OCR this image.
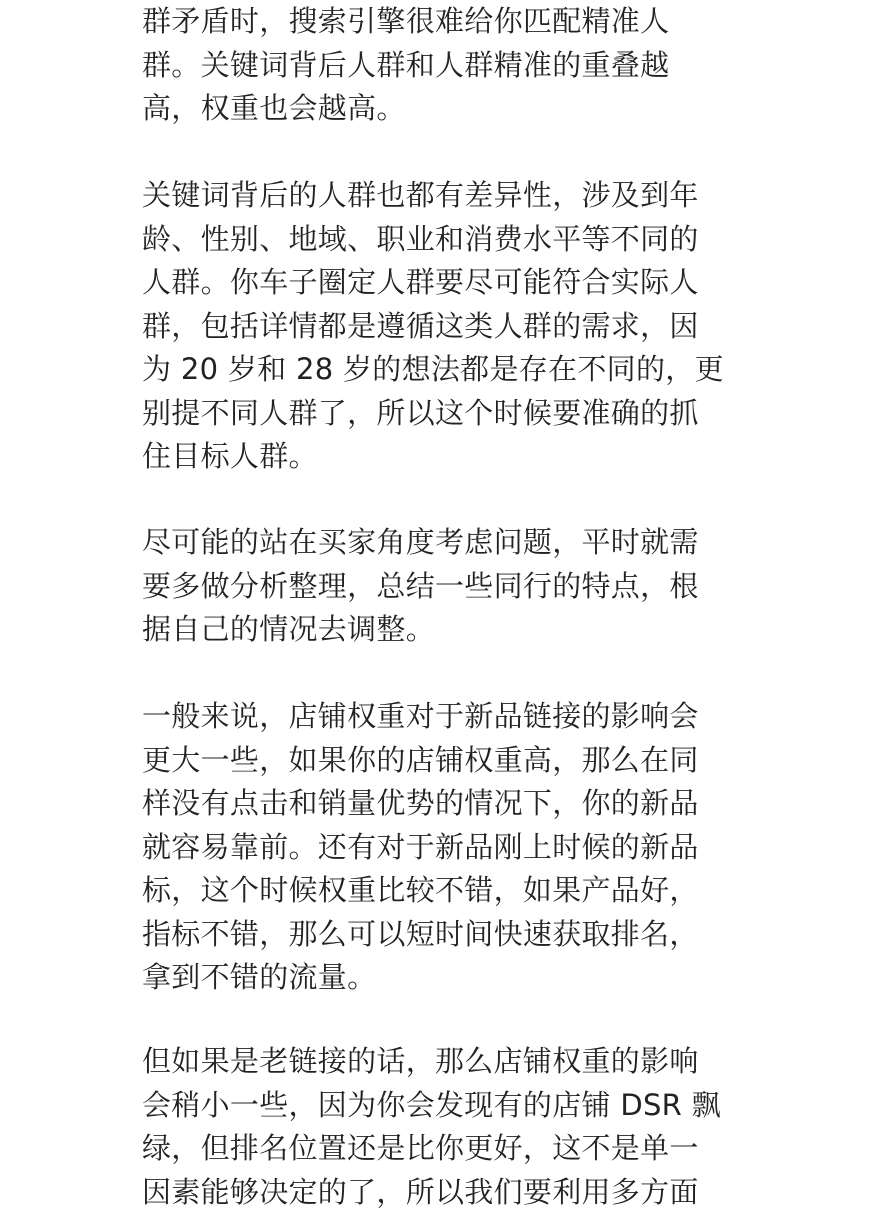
群矛盾时，搜索引擎很难给你匹配精准人
群。关键词背后人群和人群精准的重叠越
高，权重也会越高。
关键词背后的人群也都有差异性，涉及到年
龄、性别、地域、职业和消费水平等不同的
人群。你车子圈定人群要尽可能符合实际人
群，包括详情都是遵循这类人群的需求，因
为 20 岁和 28 岁的想法都是存在不同的，更
别提不同人群了，所以这个时候要准确的抓
住目标人群。
尽可能的站在买家角度考虑问题，平时就需
要多做分析整理，总结一些同行的特点，根
据自己的情况去调整。
一般来说，店铺权重对于新品链接的影响会
更大一些，如果你的店铺权重高，那么在同
样没有点击和销量优势的情况下，你的新品
就容易靠前。还有对于新品刚上时候的新品
标，这个时候权重比较不错，如果产品好，
指标不错，那么可以短时间快速获取排名，
拿到不错的流量。
但如果是老链接的话，那么店铺权重的影响
会稍小一些，因为你会发现有的店铺 DSR 飘
绿，但排名位置还是比你更好，这不是单一
因素能够决定的了，所以我们要利用多方面
